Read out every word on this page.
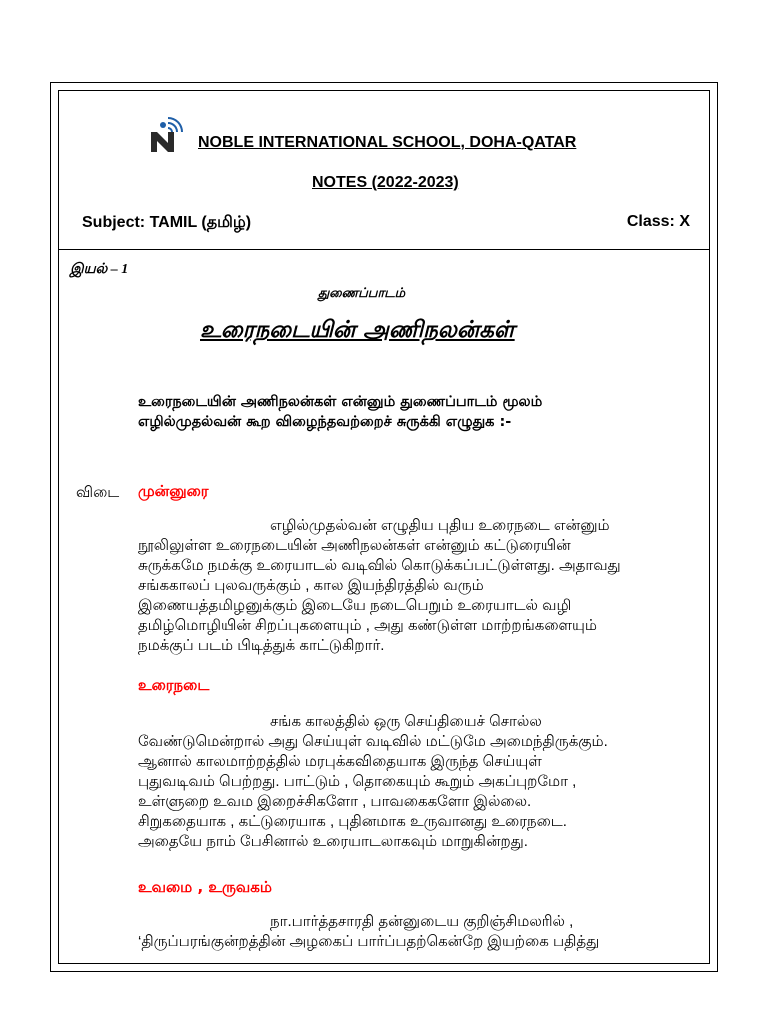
NOBLE INTERNATIONAL SCHOOL, DOHA-QATAR
NOTES (2022-2023)
Subject: TAMIL (தமிழ்)	Class: X
இயல் – 1
துணைப்பாடம்
உரைநடையின் அணிநலன்கள்
உரைநடையின் அணிநலன்கள் என்னும் துணைப்பாடம் மூலம்
எழில்முதல்வன் கூற விழைந்தவற்றைச் சுருக்கி எழுதுக :-
விடை முன்னுரை
எழில்முதல்வன் எழுதிய புதிய உரைநடை என்னும்
நூலிலுள்ள உரைநடையின் அணிநலன்கள் என்னும் கட்டுரையின்
சுருக்கமே நமக்கு உரையாடல் வடிவில் கொடுக்கப்பட்டுள்ளது. அதாவது
சங்ககாலப் புலவருக்கும் , கால இயந்திரத்தில் வரும்
இணையத்தமிழனுக்கும் இடையே நடைபெறும் உரையாடல் வழி
தமிழ்மொழியின் சிறப்புகளையும் , அது கண்டுள்ள மாற்றங்களையும்
நமக்குப் படம் பிடித்துக் காட்டுகிறார்.
உரைநடை
சங்க காலத்தில் ஒரு செய்தியைச் சொல்ல
வேண்டுமென்றால் அது செய்யுள் வடிவில் மட்டுமே அமைந்திருக்கும்.
ஆனால் காலமாற்றத்தில் மரபுக்கவிதையாக இருந்த செய்யுள்
புதுவடிவம் பெற்றது. பாட்டும் , தொகையும் கூறும் அகப்புறமோ ,
உள்ளுறை உவம இறைச்சிகளோ , பாவகைகளோ இல்லை.
சிறுகதையாக , கட்டுரையாக , புதினமாக உருவானது உரைநடை.
அதையே நாம் பேசினால் உரையாடலாகவும் மாறுகின்றது.
உவமை , உருவகம்
நா.பார்த்தசாரதி தன்னுடைய குறிஞ்சிமலரில் ,
‘திருப்பரங்குன்றத்தின் அழகைப் பார்ப்பதற்கென்றே இயற்கை பதித்து
